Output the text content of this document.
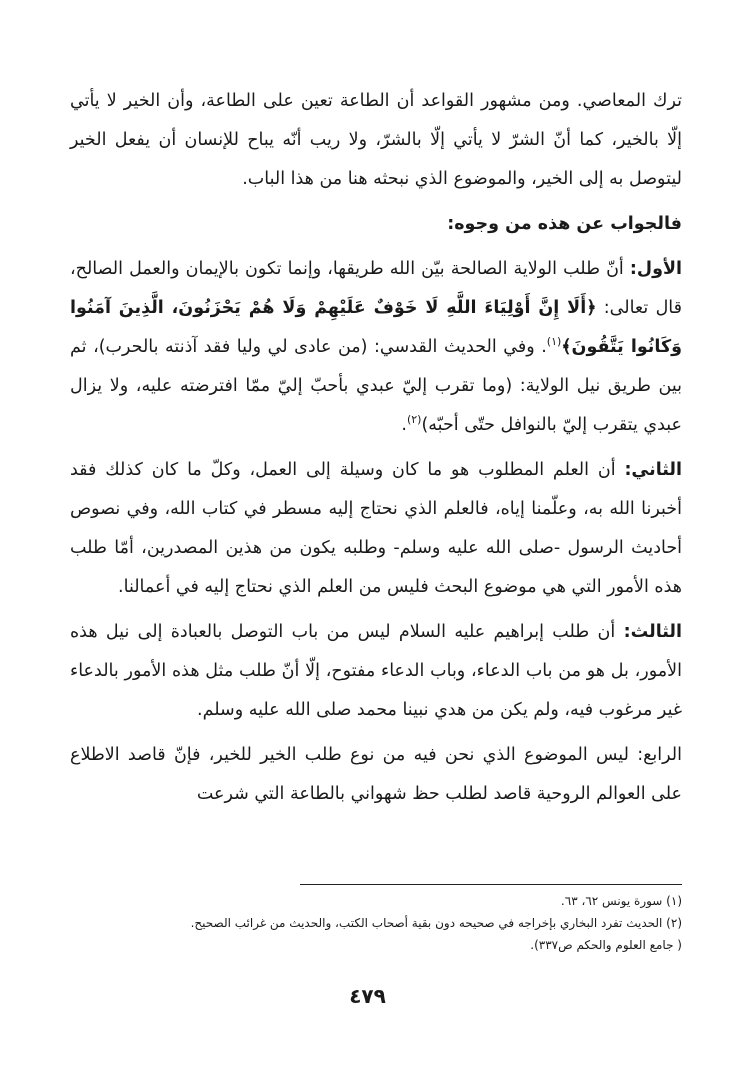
ترك المعاصي. ومن مشهور القواعد أن الطاعة تعين على الطاعة، وأن الخير لا يأتي إلّا بالخير، كما أنّ الشرّ لا يأتي إلّا بالشرّ، ولا ريب أنّه يباح للإنسان أن يفعل الخير ليتوصل به إلى الخير، والموضوع الذي نبحثه هنا من هذا الباب.

فالجواب عن هذه من وجوه:

الأول: أنّ طلب الولاية الصالحة بيّن الله طريقها، وإنما تكون بالإيمان والعمل الصالح، قال تعالى: ﴿أَلَا إِنَّ أَوْلِيَاءَ اللَّهِ لَا خَوْفٌ عَلَيْهِمْ وَلَا هُمْ يَحْزَنُونَ، الَّذِينَ آمَنُوا وَكَانُوا يَتَّقُونَ﴾$^{(١)}$. وفي الحديث القدسي: (من عادى لي وليا فقد آذنته بالحرب)، ثم بين طريق نيل الولاية: (وما تقرب إليّ عبدي بأحبّ إليّ ممّا افترضته عليه، ولا يزال عبدي يتقرب إليّ بالنوافل حتّى أحبّه)$^{(٢)}$.

الثاني: أن العلم المطلوب هو ما كان وسيلة إلى العمل، وكلّ ما كان كذلك فقد أخبرنا الله به، وعلّمنا إياه، فالعلم الذي نحتاج إليه مسطر في كتاب الله، وفي نصوص أحاديث الرسول -صلى الله عليه وسلم- وطلبه يكون من هذين المصدرين، أمّا طلب هذه الأمور التي هي موضوع البحث فليس من العلم الذي نحتاج إليه في أعمالنا.

الثالث: أن طلب إبراهيم عليه السلام ليس من باب التوصل بالعبادة إلى نيل هذه الأمور، بل هو من باب الدعاء، وباب الدعاء مفتوح، إلّا أنّ طلب مثل هذه الأمور بالدعاء غير مرغوب فيه، ولم يكن من هدي نبينا محمد صلى الله عليه وسلم.

الرابع: ليس الموضوع الذي نحن فيه من نوع طلب الخير للخير، فإنّ قاصد الاطلاع على العوالم الروحية قاصد لطلب حظ شهواني بالطاعة التي شرعت

(١) سورة يونس ٦٢، ٦٣.

(٢) الحديث تفرد البخاري بإخراجه في صحيحه دون بقية أصحاب الكتب، والحديث من غرائب الصحيح.

( جامع العلوم والحكم ص٣٣٧).

٤٧٩
